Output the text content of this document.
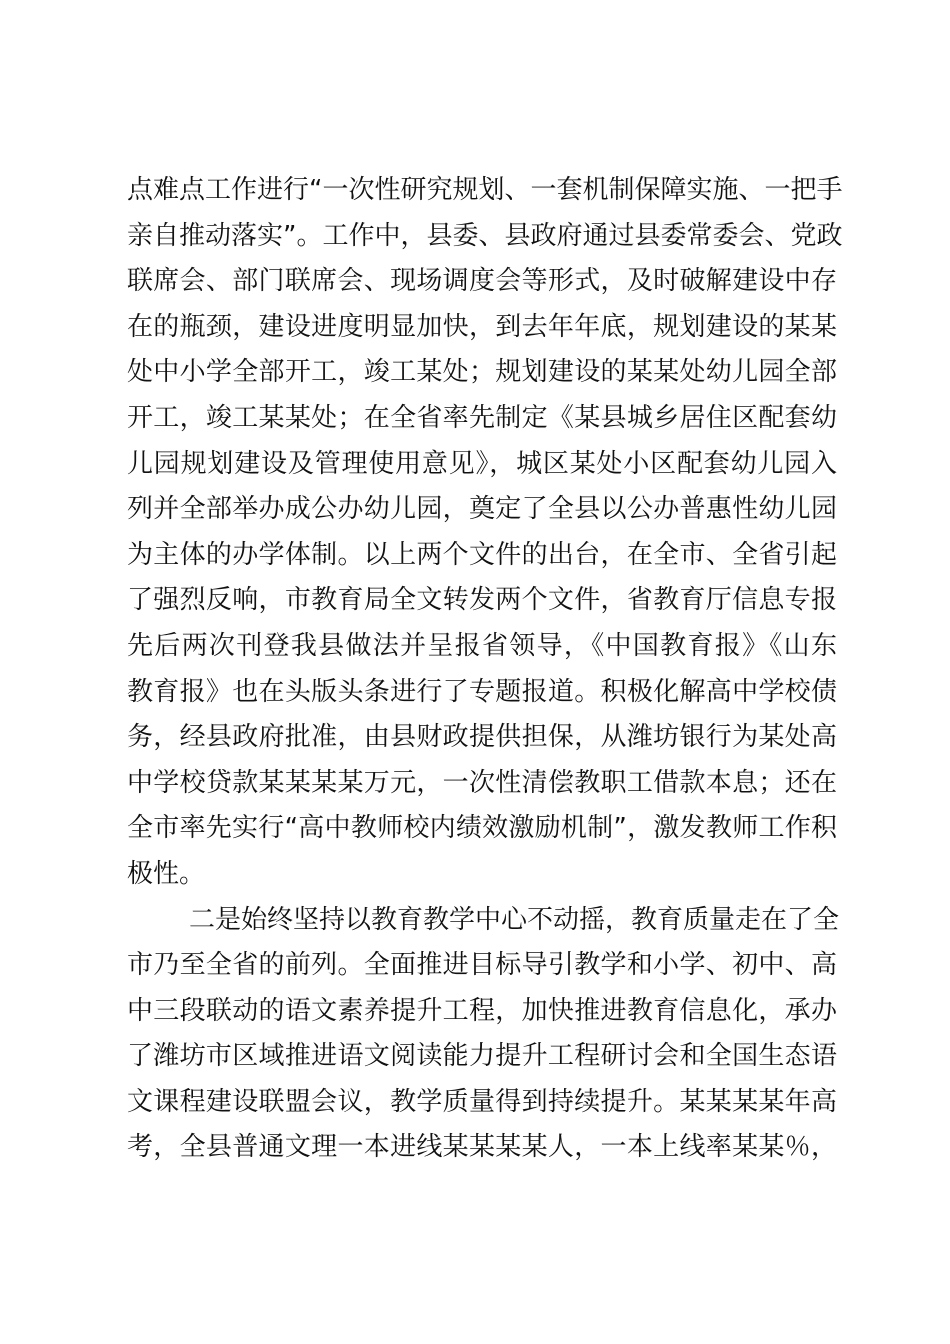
点难点工作进行“一次性研究规划、一套机制保障实施、一把手
亲自推动落实”。工作中，县委、县政府通过县委常委会、党政
联席会、部门联席会、现场调度会等形式，及时破解建设中存
在的瓶颈，建设进度明显加快，到去年年底，规划建设的某某
处中小学全部开工，竣工某处；规划建设的某某处幼儿园全部
开工，竣工某某处；在全省率先制定《某县城乡居住区配套幼
儿园规划建设及管理使用意见》，城区某处小区配套幼儿园入
列并全部举办成公办幼儿园，奠定了全县以公办普惠性幼儿园
为主体的办学体制。以上两个文件的出台，在全市、全省引起
了强烈反响，市教育局全文转发两个文件，省教育厅信息专报
先后两次刊登我县做法并呈报省领导，《中国教育报》《山东
教育报》也在头版头条进行了专题报道。积极化解高中学校债
务，经县政府批准，由县财政提供担保，从潍坊银行为某处高
中学校贷款某某某某万元，一次性清偿教职工借款本息；还在
全市率先实行“高中教师校内绩效激励机制”，激发教师工作积
极性。
二是始终坚持以教育教学中心不动摇，教育质量走在了全
市乃至全省的前列。全面推进目标导引教学和小学、初中、高
中三段联动的语文素养提升工程，加快推进教育信息化，承办
了潍坊市区域推进语文阅读能力提升工程研讨会和全国生态语
文课程建设联盟会议，教学质量得到持续提升。某某某某年高
考，全县普通文理一本进线某某某某人，一本上线率某某％，
